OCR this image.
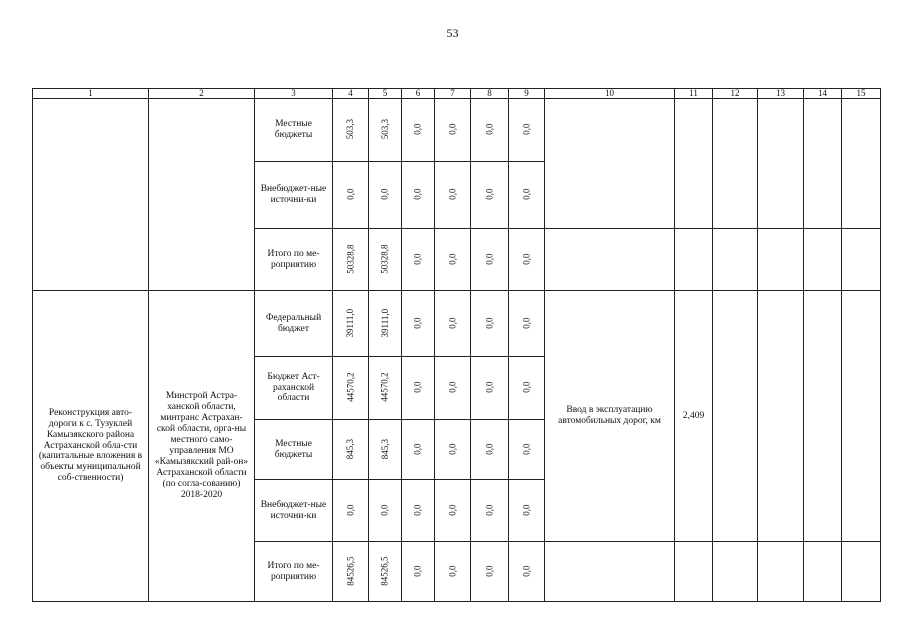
53
1	2	3	4	5	6	7	8	9	10	11	12	13	14	15
		Местные бюджеты	503,3	503,3	0,0	0,0	0,0	0,0						
		Внебюджет-ные источни-ки	0,0	0,0	0,0	0,0	0,0	0,0						
		Итого по ме-роприятию	50328,8	50328,8	0,0	0,0	0,0	0,0						
Реконструкция авто-дороги к с. Тузуклей Камызякского района Астраханской обла-сти (капитальные вложения в объекты муниципальной соб-ственности)	Минстрой Астра-ханской области, минтранс Астрахан-ской области, орга-ны местного само-управления МО «Камызякский рай-он» Астраханской области (по согла-сованию) 2018-2020	Федеральный бюджет	39111,0	39111,0	0,0	0,0	0,0	0,0	Ввод в эксплуатацию автомобильных дорог, км	2,409				
		Бюджет Аст-раханской области	44570,2	44570,2	0,0	0,0	0,0	0,0						
		Местные бюджеты	845,3	845,3	0,0	0,0	0,0	0,0						
		Внебюджет-ные источни-ки	0,0	0,0	0,0	0,0	0,0	0,0						
		Итого по ме-роприятию	84526,5	84526,5	0,0	0,0	0,0	0,0						
